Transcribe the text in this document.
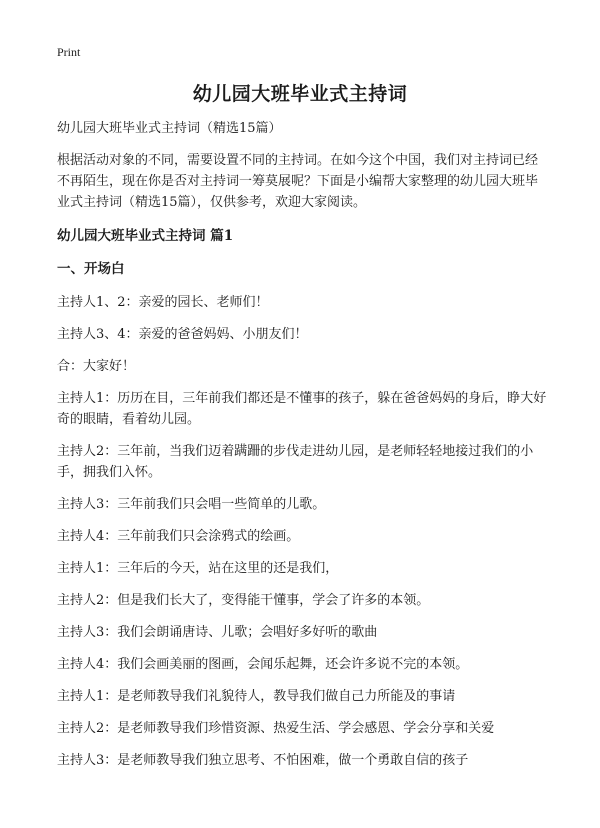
Print
幼儿园大班毕业式主持词

幼儿园大班毕业式主持词（精选15篇）

根据活动对象的不同，需要设置不同的主持词。在如今这个中国，我们对主持词已经不再陌生，现在你是否对主持词一筹莫展呢？下面是小编帮大家整理的幼儿园大班毕业式主持词（精选15篇），仅供参考，欢迎大家阅读。

幼儿园大班毕业式主持词 篇1

一、开场白

主持人1、2：亲爱的园长、老师们！

主持人3、4：亲爱的爸爸妈妈、小朋友们！

合：大家好！

主持人1：历历在目，三年前我们都还是不懂事的孩子，躲在爸爸妈妈的身后，睁大好奇的眼睛，看着幼儿园。

主持人2：三年前，当我们迈着蹒跚的步伐走进幼儿园，是老师轻轻地接过我们的小手，拥我们入怀。

主持人3：三年前我们只会唱一些简单的儿歌。

主持人4：三年前我们只会涂鸦式的绘画。

主持人1：三年后的今天，站在这里的还是我们，

主持人2：但是我们长大了，变得能干懂事，学会了许多的本领。

主持人3：我们会朗诵唐诗、儿歌；会唱好多好听的歌曲

主持人4：我们会画美丽的图画，会闻乐起舞，还会许多说不完的本领。

主持人1：是老师教导我们礼貌待人，教导我们做自己力所能及的事请

主持人2：是老师教导我们珍惜资源、热爱生活、学会感恩、学会分享和关爱

主持人3：是老师教导我们独立思考、不怕困难，做一个勇敢自信的孩子
